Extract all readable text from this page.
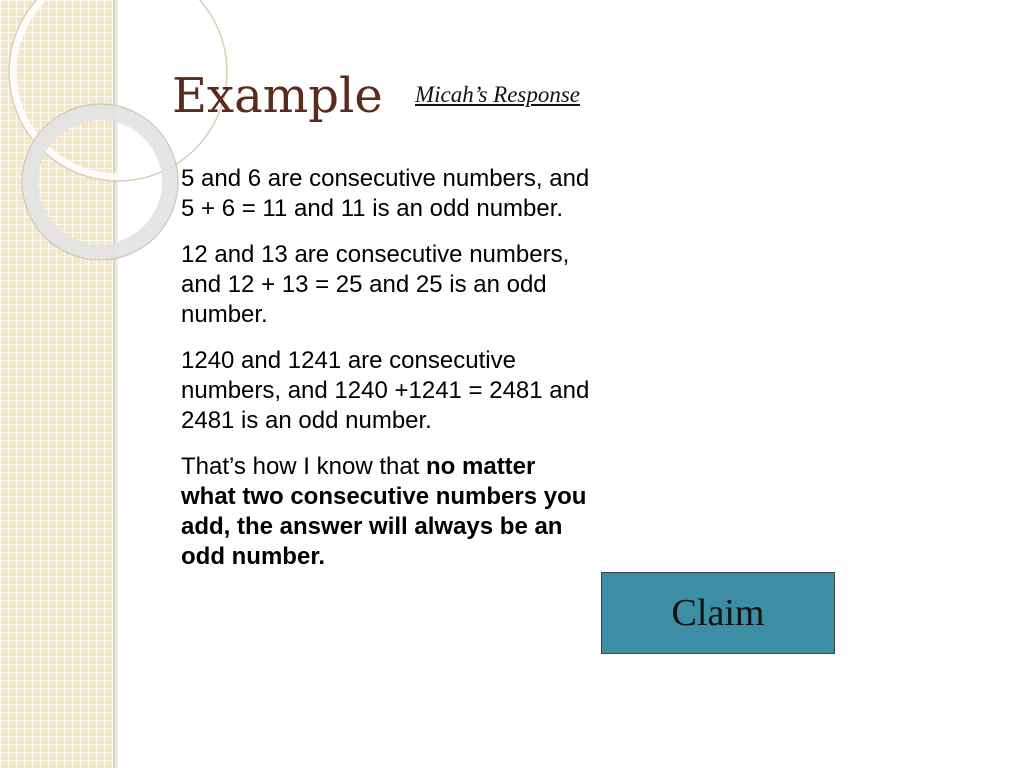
Example Micah’s Response

5 and 6 are consecutive numbers, and 5 + 6 = 11 and 11 is an odd number.

12 and 13 are consecutive numbers, and 12 + 13 = 25 and 25 is an odd number.

1240 and 1241 are consecutive numbers, and 1240 +1241 = 2481 and 2481 is an odd number.

That’s how I know that no matter what two consecutive numbers you add, the answer will always be an odd number.

Claim
